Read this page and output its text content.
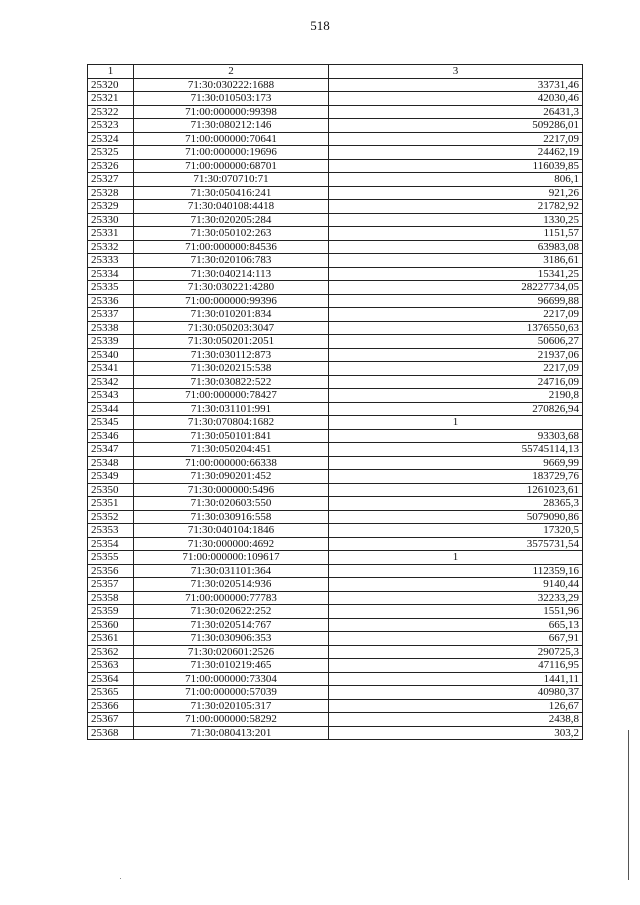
518
1	2	3
25320	71:30:030222:1688	33731,46
25321	71:30:010503:173	42030,46
25322	71:00:000000:99398	26431,3
25323	71:30:080212:146	509286,01
25324	71:00:000000:70641	2217,09
25325	71:00:000000:19696	24462,19
25326	71:00:000000:68701	116039,85
25327	71:30:070710:71	806,1
25328	71:30:050416:241	921,26
25329	71:30:040108:4418	21782,92
25330	71:30:020205:284	1330,25
25331	71:30:050102:263	1151,57
25332	71:00:000000:84536	63983,08
25333	71:30:020106:783	3186,61
25334	71:30:040214:113	15341,25
25335	71:30:030221:4280	28227734,05
25336	71:00:000000:99396	96699,88
25337	71:30:010201:834	2217,09
25338	71:30:050203:3047	1376550,63
25339	71:30:050201:2051	50606,27
25340	71:30:030112:873	21937,06
25341	71:30:020215:538	2217,09
25342	71:30:030822:522	24716,09
25343	71:00:000000:78427	2190,8
25344	71:30:031101:991	270826,94
25345	71:30:070804:1682	1
25346	71:30:050101:841	93303,68
25347	71:30:050204:451	55745114,13
25348	71:00:000000:66338	9669,99
25349	71:30:090201:452	183729,76
25350	71:30:000000:5496	1261023,61
25351	71:30:020603:550	28365,3
25352	71:30:030916:558	5079090,86
25353	71:30:040104:1846	17320,5
25354	71:30:000000:4692	3575731,54
25355	71:00:000000:109617	1
25356	71:30:031101:364	112359,16
25357	71:30:020514:936	9140,44
25358	71:00:000000:77783	32233,29
25359	71:30:020622:252	1551,96
25360	71:30:020514:767	665,13
25361	71:30:030906:353	667,91
25362	71:30:020601:2526	290725,3
25363	71:30:010219:465	47116,95
25364	71:00:000000:73304	1441,11
25365	71:00:000000:57039	40980,37
25366	71:30:020105:317	126,67
25367	71:00:000000:58292	2438,8
25368	71:30:080413:201	303,2
